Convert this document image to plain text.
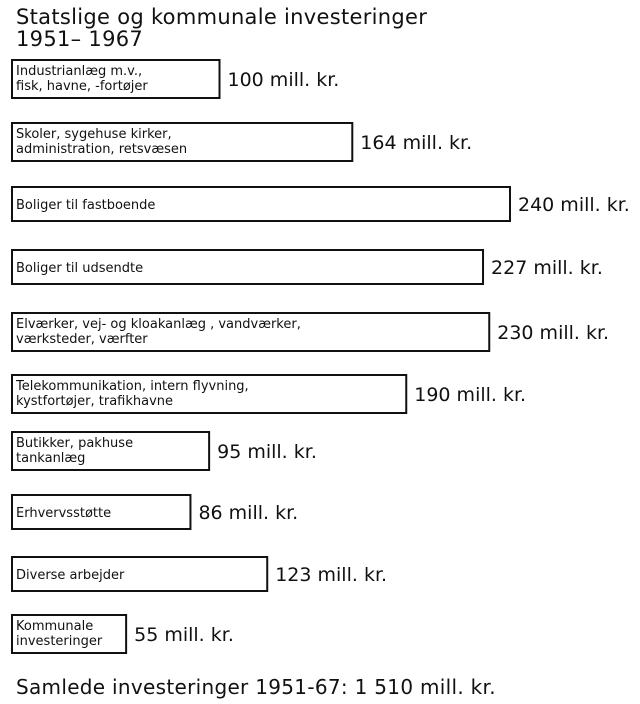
Statslige og kommunale investeringer
1951– 1967
Industrianlæg m.v.,
fisk, havne, -fortøjer	100 mill. kr.
Skoler, sygehuse kirker,
administration, retsvæsen	164 mill. kr.
Boliger til fastboende	240 mill. kr.
Boliger til udsendte	227 mill. kr.
Elværker, vej- og kloakanlæg , vandværker,
værksteder, værfter	230 mill. kr.
Telekommunikation, intern flyvning,
kystfortøjer, trafikhavne	190 mill. kr.
Butikker, pakhuse
tankanlæg	95 mill. kr.
Erhvervsstøtte	86 mill. kr.
Diverse arbejder	123 mill. kr.
Kommunale
investeringer 55 mill. kr.
Samlede investeringer 1951-67: 1 510 mill. kr.
